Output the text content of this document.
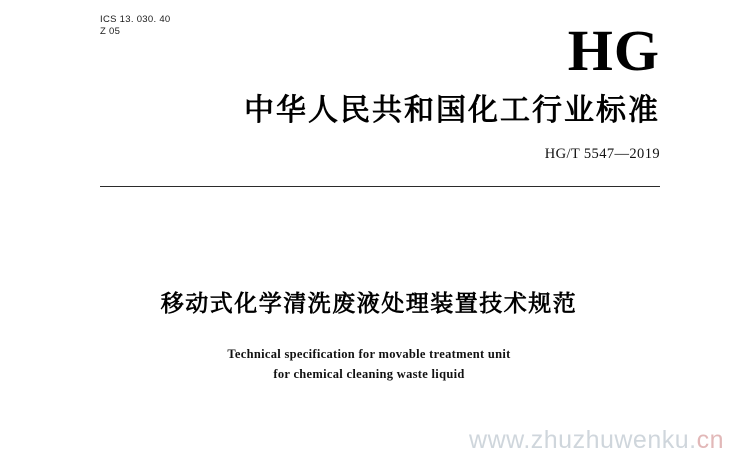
ICS 13. 030. 40
Z 05	HG
中华人民共和国化工行业标准
HG/T 5547—2019
移动式化学清洗废液处理装置技术规范
Technical specification for movable treatment unit
for chemical cleaning waste liquid
www.zhuzhuwenku.cn
